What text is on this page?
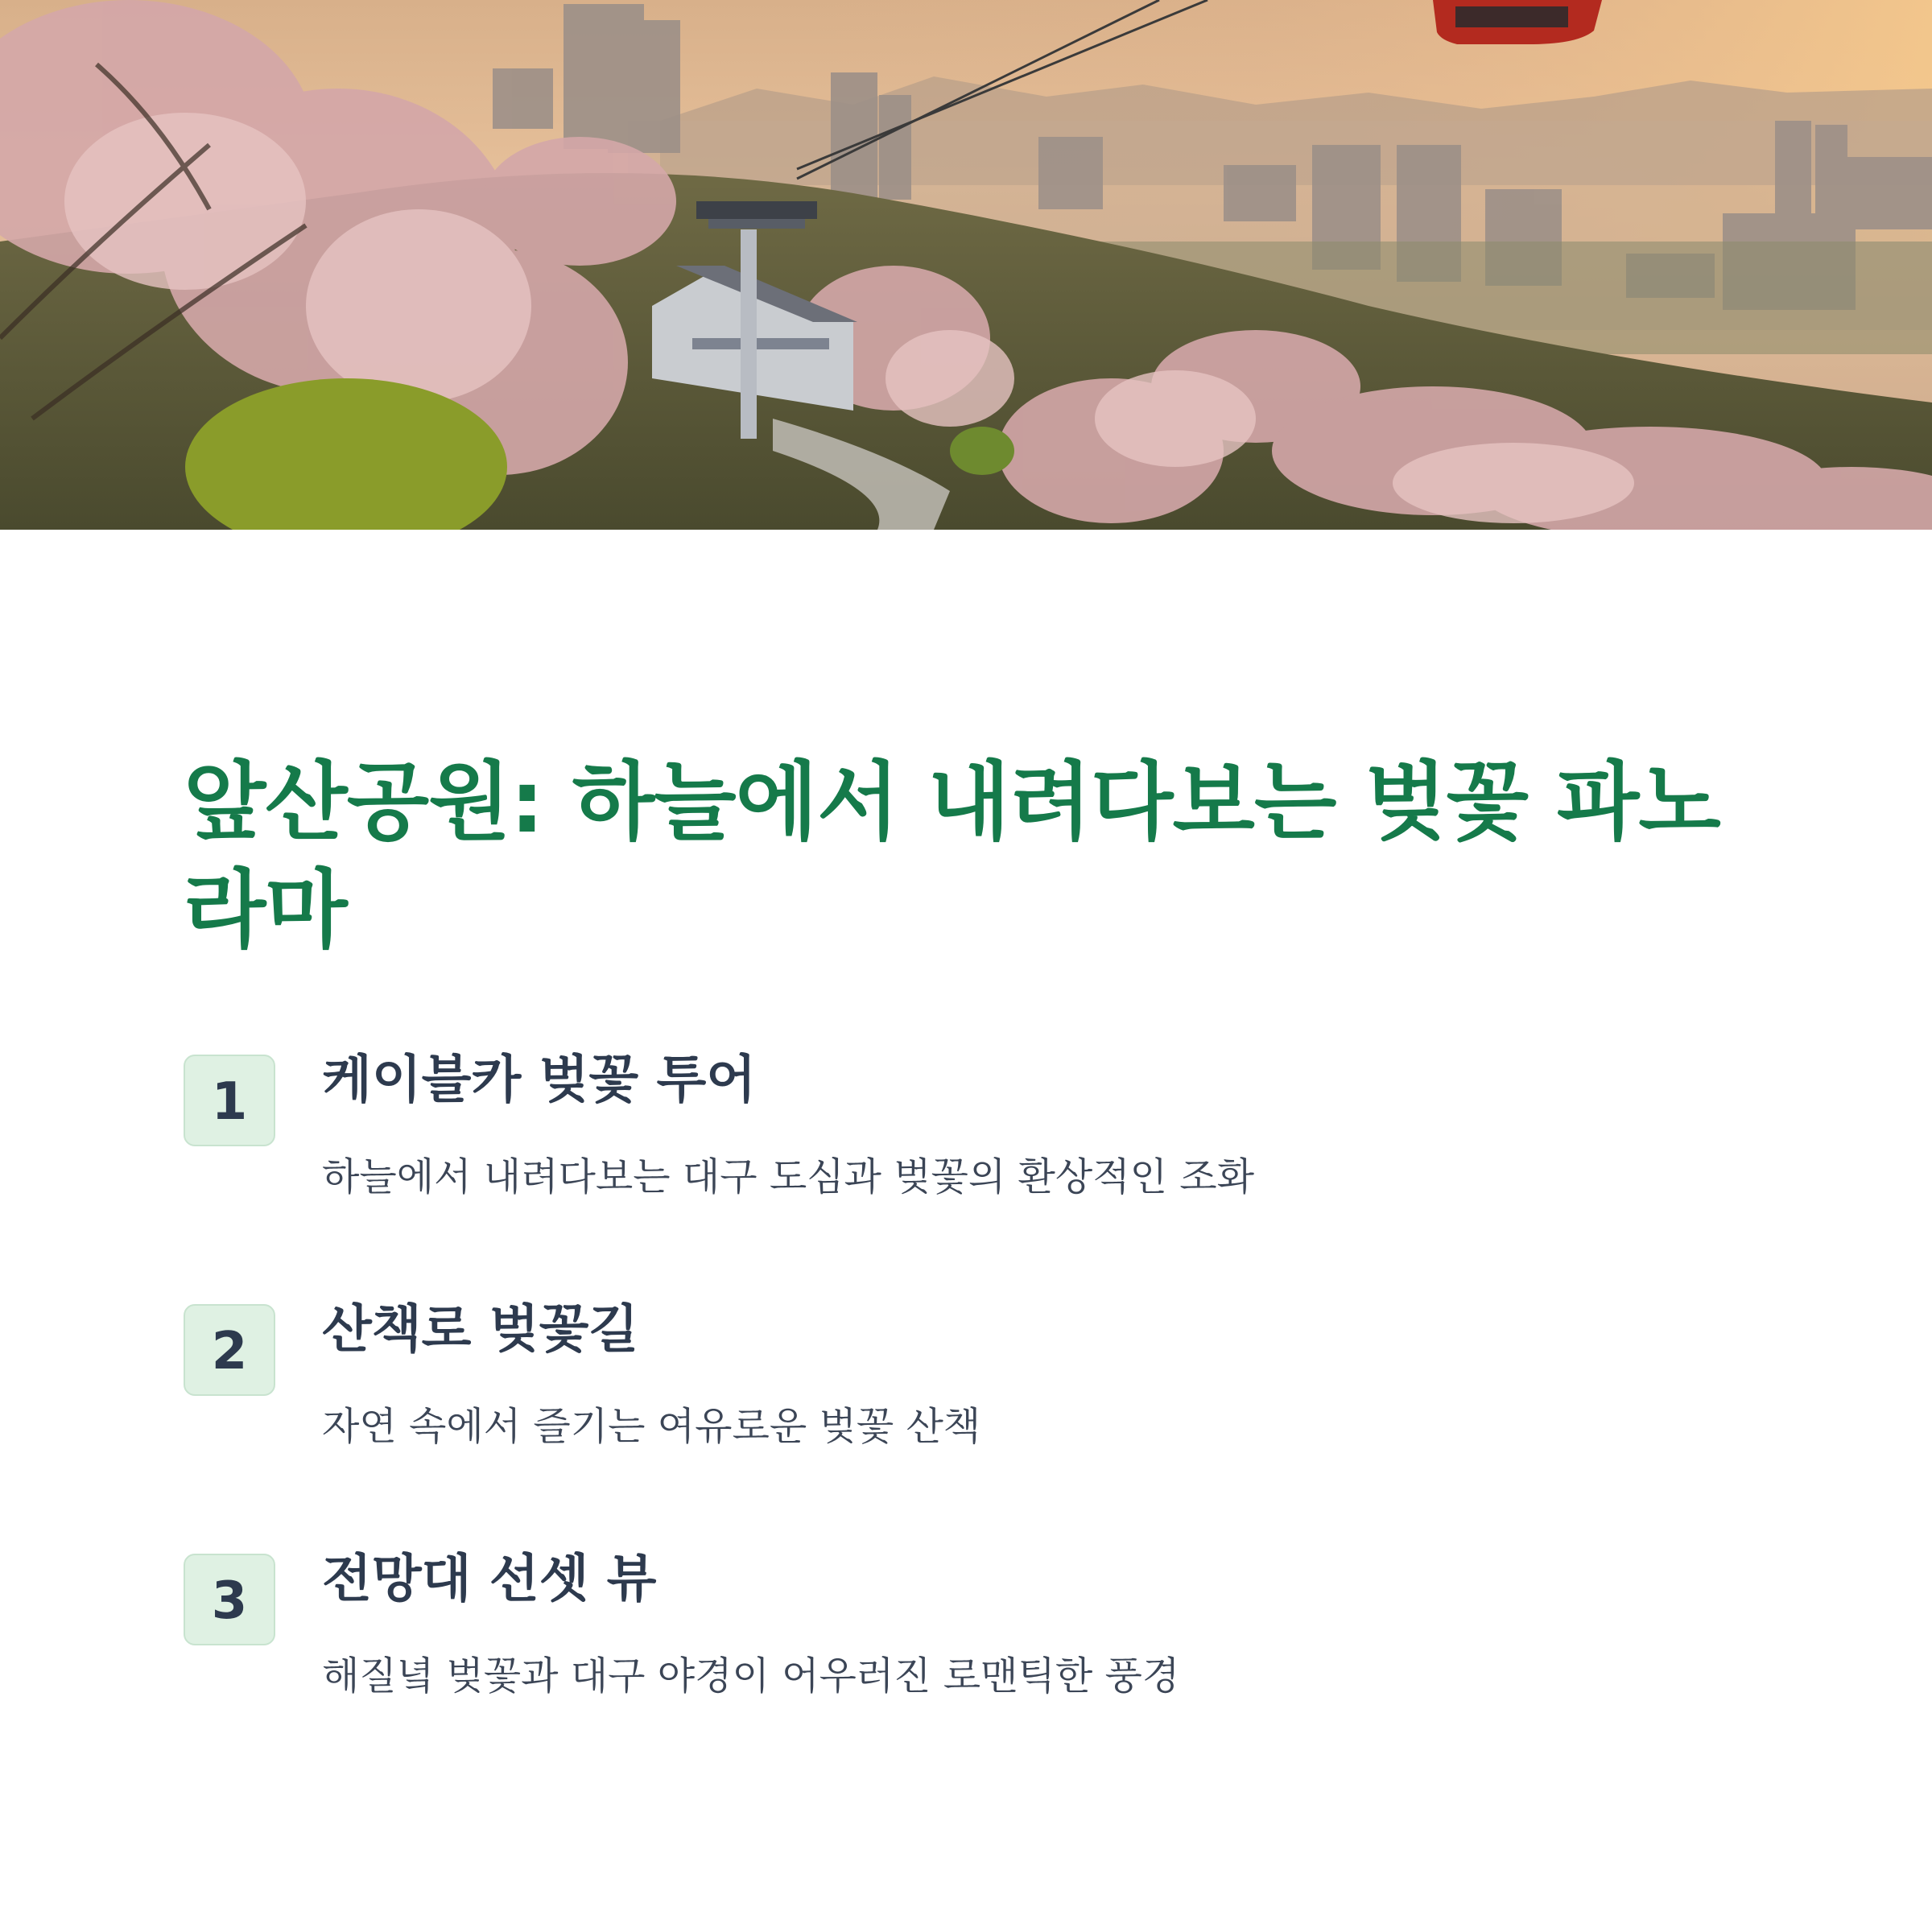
앞산공원: 하늘에서 내려다보는 벚꽃 파노라마
1	케이블카 벚꽃 투어

하늘에서 내려다보는 대구 도심과 벚꽃의 환상적인 조화

2	산책로 벚꽃길

자연 속에서 즐기는 여유로운 벚꽃 산책

3	전망대 선셋 뷰

해질녘 벚꽃과 대구 야경이 어우러진 로맨틱한 풍경
